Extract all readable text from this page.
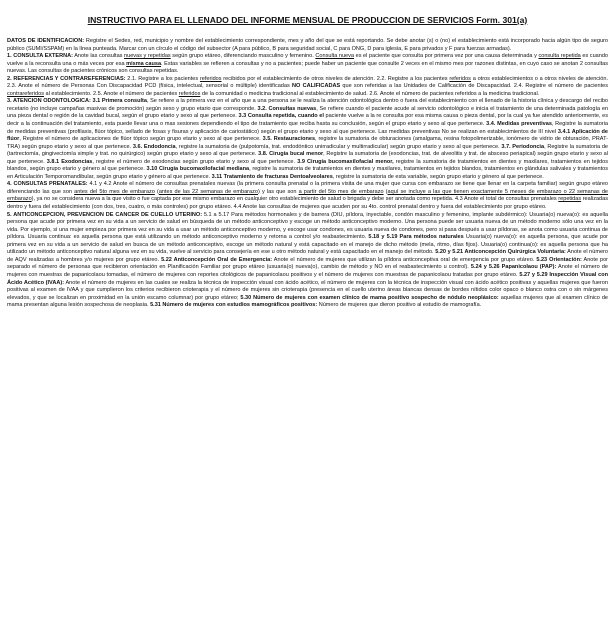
INSTRUCTIVO PARA EL LLENADO DEL INFORME MENSUAL DE PRODUCCION DE SERVICIOS Form. 301(a)

DATOS DE IDENTIFICACION: Registre el Sedes, red, municipio y nombre del establecimiento correspondiente, mes y año del que se está reportando. Se debe anotar (s) o (no) el establecimiento está incorporado hacia algún tipo de seguro público (SUMI/SSPAM) en la línea punteada. Marcar con un círculo el código del subsector (A para público, B para seguridad social, C para ONG, D para iglesia, E para privados y F para fuerzas armadas).

1. CONSULTA EXTERNA: Anote las consultas nuevas y repetidas según grupo etáreo, diferenciando masculino y femenino. Consulta nueva es el paciente que consulta por primera vez por una causa determinada y consulta repetida es cuando vuelve a la reconsulta una o más veces por esa misma causa. Estas variables se refieren a consultas y no a pacientes; puede haber un paciente que consulte 2 veces en el mismo mes por razones distintas, en cuyo caso se anotan 2 consultas nuevas. Las consultas de pacientes crónicos son consultas repetidas.

2. REFERENCIAS Y CONTRAREFERENCIAS: 2.1. Registre a los pacientes referidos recibidos por el establecimiento de otros niveles de atención. 2.2. Registre a los pacientes referidos a otros establecimientos o a otros niveles de atención. 2.3. Anote el número de Personas Con Discapacidad PCD (física, intelectual, sensorial o múltiple) identificadas NO CALIFICADAS que son referidas a las Unidades de Calificación de Discapacidad. 2.4. Registre el número de pacientes contrareferidos al establecimiento. 2.5. Anote el número de pacientes referidos de la comunidad o medicina tradicional al establecimiento de salud. 2.6. Anote el número de pacientes referidos a la medicina tradicional.

3. ATENCION ODONTOLOGICA: 3.1 Primera consulta, Se refiere a la primera vez en el año que a una persona se le realiza la atención odontológica dentro o fuera del establecimiento con el llenado de la historia clínica y descargo del recibo recetario (no incluye campañas masivas de promoción) según sexo y grupo etario que corresponde. 3.2. Consultas nuevas, Se refiere cuando el paciente acude al servicio odontológico e inicia el tratamiento de una determinada patología en una pieza dental o región de la cavidad bucal, según el grupo etario y sexo al que pertenece. 3.3 Consulta repetida, cuando el paciente vuelve a la re consulta por esa misma causa o pieza dental, por la cual ya fue atendido anteriormente, es decir a la continuación del tratamiento, esta puede llevar una o mas sesiones dependiendo el tipo de tratamiento que reciba hasta su conclusión, según el grupo etario y sexo al que pertenece. 3.4. Medidas preventivas, Registre la sumatoria de medidas preventivas (profilaxis, flúor tópico, sellado de fosas y fisuras y aplicación de cariostático) según el grupo etario y sexo al que pertenece. Las medidas preventivas No se realizan en establecimientos de III nivel 3.4.1 Aplicación de flúor, Registre el número de aplicaciones de flúor tópico según grupo etario y sexo al que pertenece. 3.5. Restauraciones, registre la sumatoria de obturaciones (amalgama, resina fotopolimerizable, ionómero de vidrio de obturación, PRAT-TRA) según grupo etario y sexo al que pertenece. 3.6. Endodoncia, registre la sumatoria de (pulpotomía, trat. endodóntico unirradicular y multirradicular) según grupo etario y sexo al que pertenece. 3.7. Periodoncia, Registre la sumatoria de (tartrectomía, gingivectomía simple y trat. no quirúrgico) según grupo etario y sexo al que pertenece. 3.8. Cirugía bucal menor, Registre la sumatoria de (exodoncias, trat. de alveolitis y trat. de absceso periapical) según grupo etario y sexo al que pertenece. 3.8.1 Exodoncias, registre el número de exodoncias según grupo etario y sexo al que pertenece. 3.9 Cirugía bucomaxilofacial menor, registre la sumatoria de tratamientos en dientes y maxilares, tratamientos en tejidos blandos, según grupo etario y género al que pertenece. 3.10 Cirugía bucomaxilofacial mediana, registre la sumatoria de tratamientos en dientes y maxilares, tratamientos en tejidos blandos, tratamientos en glándulas salivales y tratamientos en Articulación Temporomandibular, según grupo etario y género al que pertenece. 3.11 Tratamiento de fracturas Dentoalveolares, registre la sumatoria de esta variable, según grupo etario y género al que pertenece.

4. CONSULTAS PRENATALES: 4.1 y 4.2 Anote el número de consultas prenatales nuevas (la primera consulta prenatal o la primera visita de una mujer que cursa con embarazo se tiene que llenar en la carpeta familiar) según grupo etáreo diferenciando las que son antes del 5to mes de embarazo (antes de las 22 semanas de embarazo) y las que son a partir del 5to mes de embarazo (aquí se incluye a las que tienen exactamente 5 meses de embarazo o 22 semanas de embarazo), ya no se considera nueva a la que visito o fue captada por ese mismo embarazo en cualquier otro establecimiento de salud o brigada y debe ser anotada como repetida. 4.3 Anote el total de consultas prenatales repetidas realizadas dentro y fuera del establecimiento (con dos, tres, cuatro, o más controles) por grupo etáreo. 4.4 Anote las consultas de mujeres que acuden por su 4to. control prenatal dentro y fuera del establecimiento por grupo etáreo.

5. ANTICONCEPCION, PREVENCION DE CANCER DE CUELLO UTERINO: 5.1 a 5.17 Para métodos hormonales y de barrera (DIU, píldora, inyectable, condón masculino y femenino, implante subdérmico): Usuaria(o) nueva(o): es aquella persona que acude por primera vez en su vida a un servicio de salud en búsqueda de un método anticonceptivo y escoge un método anticonceptivo moderno. Una persona puede ser usuaria nueva de un método moderno sólo una vez en la vida. Por ejemplo, si una mujer empieza por primera vez en su vida a usar un método anticonceptivo moderno, y escoge usar condones, es usuaria nueva de condones, pero si pasa después a usar píldoras, se anota como usuaria continua de píldora. Usuaria continua: es aquella persona que está utilizando un método anticonceptivo moderno y retorna a control y/o reabastecimiento. 5.18 y 5.19 Para métodos naturales Usuaria(o) nueva(o): es aquella persona, que acude por primera vez en su vida a un servicio de salud en busca de un método anticonceptivo, escoge un método natural y está capacitado en el manejo de dicho método (mela, ritmo, días fijos). Usuaria(o) continua(o): es aquella persona que ha utilizado un método anticonceptivo natural alguna vez en su vida, vuelve al servicio para consejería en ese u otro método natural y está capacitado en el manejo del método. 5.20 y 5.21 Anticoncepción Quirúrgica Voluntaria: Anote el número de AQV realizadas a hombres y/o mujeres por grupo etáreo. 5.22 Anticoncepción Oral de Emergencia: Anote el número de mujeres que utilizan la píldora anticonceptiva oral de emergencia por grupo etáreo. 5.23 Orientación: Anote por separado el número de personas que recibieron orientación en Planificación Familiar por grupo etáreo (usuaria(o) nueva(o), cambio de método y NO en el reabastecimiento u control). 5.24 y 5.26 Papanicolaou (PAP): Anote el número de mujeres con muestras de papanicolaou tomadas, el número de mujeres con reportes citológicos de papanicolaou positivos y el número de mujeres con muestras de papanicolaou tratadas por grupo etáreo. 5.27 y 5.29 Inspección Visual con Ácido Acético (IVAA): Anote el número de mujeres en las cuales se realiza la técnica de inspección visual con ácido acético, el número de mujeres con la técnica de inspección visual con ácido acético positivas y aquellas mujeres que fueron positivas al examen de IVAA y que cumplieron los criterios recibieron crioterapia y el número de mujeres sin crioterapia (presencia en el cuello uterino áreas blancas densas de bordes nítidos color opaco o blanco ostra con o sin márgenes elevados, y que se localizan en proximidad en la unión escamo columnar) por grupo etáreo; 5.30 Número de mujeres con examen clínico de mama positivo sospecho de nódulo neoplásico: aquellas mujeres que al examen clínico de mama presentan alguna lesión sospechosa de neoplasia. 5.31 Número de mujeres con estudios mamográficos positivos: Número de mujeres que dieron positivo al estudio de mamografía.
